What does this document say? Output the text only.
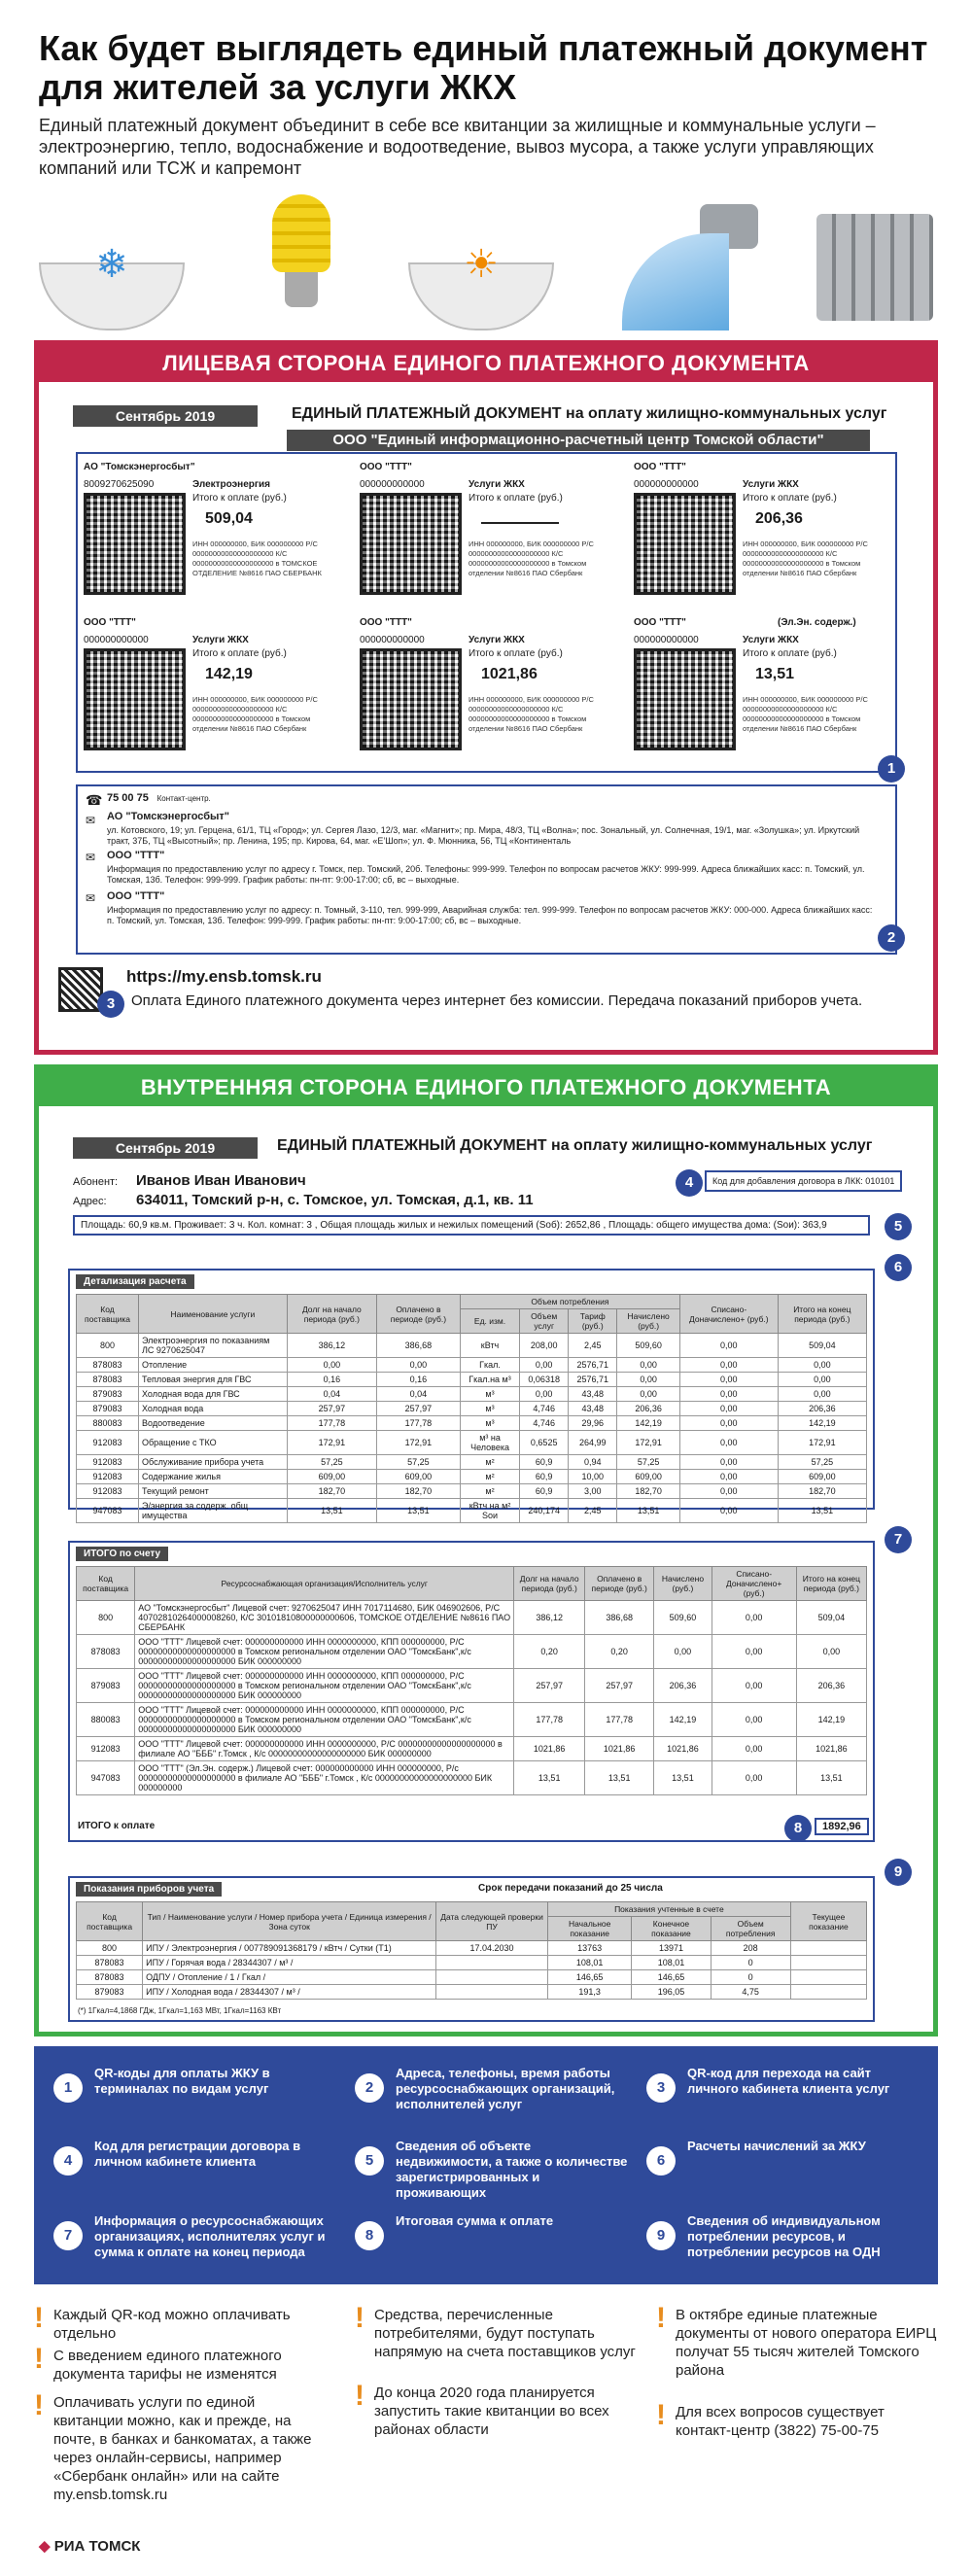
Как будет выглядеть единый платежный документ для жителей за услуги ЖКХ
Единый платежный документ объединит в себе все квитанции за жилищные и коммунальные услуги – электроэнергию, тепло, водоснабжение и водоотведение, вывоз мусора, а также услуги управляющих компаний или ТСЖ и капремонт
❄	☀
ЛИЦЕВАЯ СТОРОНА ЕДИНОГО ПЛАТЕЖНОГО ДОКУМЕНТА
Сентябрь 2019	ЕДИНЫЙ ПЛАТЕЖНЫЙ ДОКУМЕНТ на оплату жилищно-коммунальных услуг
ООО "Единый информационно-расчетный центр Томской области"
АО "Томскэнергосбыт"
8009270625090	Электроэнергия
Итого к оплате (руб.)
509,04
ИНН 000000000, БИК 000000000 Р/С 00000000000000000000 К/С 00000000000000000000 в ТОМСКОЕ ОТДЕЛЕНИЕ №8616 ПАО СБЕРБАНК
ООО "ТТТ"
000000000000	Услуги ЖКХ
Итого к оплате (руб.)
ИНН 000000000, БИК 000000000 Р/С 00000000000000000000 К/С 00000000000000000000 в Томском отделении №8616 ПАО Сбербанк
ООО "ТТТ"
000000000000	Услуги ЖКХ
Итого к оплате (руб.)
206,36
ИНН 000000000, БИК 000000000 Р/С 00000000000000000000 К/С 00000000000000000000 в Томском отделении №8616 ПАО Сбербанк
ООО "ТТТ"
000000000000	Услуги ЖКХ
Итого к оплате (руб.)
142,19
ИНН 000000000, БИК 000000000 Р/С 00000000000000000000 К/С 00000000000000000000 в Томском отделении №8616 ПАО Сбербанк
ООО "ТТТ"
000000000000	Услуги ЖКХ
Итого к оплате (руб.)
1021,86
ИНН 000000000, БИК 000000000 Р/С 00000000000000000000 К/С 00000000000000000000 в Томском отделении №8616 ПАО Сбербанк
ООО "ТТТ"	(Эл.Эн. содерж.)
000000000000	Услуги ЖКХ
Итого к оплате (руб.)
13,51
ИНН 000000000, БИК 000000000 Р/С 00000000000000000000 К/С 00000000000000000000 в Томском отделении №8616 ПАО Сбербанк
1
☎ 75 00 75 Контакт-центр.
✉ АО "Томскэнергосбыт"
ул. Котовского, 19; ул. Герцена, 61/1, ТЦ «Город»; ул. Сергея Лазо, 12/3, маг. «Магнит»; пр. Мира, 48/3, ТЦ «Волна»; пос. Зональный, ул. Солнечная, 19/1, маг. «Золушка»; ул. Иркутский тракт, 37Б, ТЦ «Высотный»; пр. Ленина, 195; пр. Кирова, 64, маг. «Е’Шоп»; ул. Ф. Мюнника, 56, ТЦ «Континенталь
✉ ООО "ТТТ"
Информация по предоставлению услуг по адресу г. Томск, пер. Томский, 20б. Телефоны: 999-999. Телефон по вопросам расчетов ЖКУ: 999-999. Адреса ближайших касс: п. Томский, ул. Томская, 13б. Телефон: 999-999. График работы: пн-пт: 9:00-17:00; сб, вс – выходные.
✉ ООО "ТТТ"
Информация по предоставлению услуг по адресу: п. Томный, 3-110, тел. 999-999, Аварийная служба: тел. 999-999. Телефон по вопросам расчетов ЖКУ: 000-000. Адреса ближайших касс: п. Томский, ул. Томская, 13б. Телефон: 999-999. График работы: пн-пт: 9:00-17:00; сб, вс – выходные.
2
3
https://my.ensb.tomsk.ru
Оплата Единого платежного документа через интернет без комиссии. Передача показаний приборов учета.
ВНУТРЕННЯЯ СТОРОНА ЕДИНОГО ПЛАТЕЖНОГО ДОКУМЕНТА
Сентябрь 2019	ЕДИНЫЙ ПЛАТЕЖНЫЙ ДОКУМЕНТ на оплату жилищно-коммунальных услуг
Абонент: Иванов Иван Иванович
Адрес: 634011, Томский р-н, с. Томское, ул. Томская, д.1, кв. 11
4	Код для добавления договора в ЛКК: 010101
Площадь: 60,9 кв.м. Проживает: 3 ч. Кол. комнат: 3 , Общая площадь жилых и нежилых помещений (Sоб): 2652,86 , Площадь: общего имущества дома: (Sои): 363,9	5
6
Детализация расчета
Код поставщика	Наименование услуги	Долг на начало периода (руб.)	Оплачено в периоде (руб.)	Объем потребления				Списано-Доначислено+ (руб.)	Итого на конец периода (руб.)
				Ед. изм.	Объем услуг	Тариф (руб.)	Начислено (руб.)		
800	Электроэнергия по показаниям ЛС 9270625047	386,12	386,68	кВтч	208,00	2,45	509,60	0,00	509,04
878083	Отопление	0,00	0,00	Гкал.	0,00	2576,71	0,00	0,00	0,00
878083	Тепловая энергия для ГВС	0,16	0,16	Гкал.на м³	0,06318	2576,71	0,00	0,00	0,00
879083	Холодная вода для ГВС	0,04	0,04	м³	0,00	43,48	0,00	0,00	0,00
879083	Холодная вода	257,97	257,97	м³	4,746	43,48	206,36	0,00	206,36
880083	Водоотведение	177,78	177,78	м³	4,746	29,96	142,19	0,00	142,19
912083	Обращение с ТКО	172,91	172,91	м³ на Человека	0,6525	264,99	172,91	0,00	172,91
912083	Обслуживание прибора учета	57,25	57,25	м²	60,9	0,94	57,25	0,00	57,25
912083	Содержание жилья	609,00	609,00	м²	60,9	10,00	609,00	0,00	609,00
912083	Текущий ремонт	182,70	182,70	м²	60,9	3,00	182,70	0,00	182,70
947083	Э/энергия за содерж. общ имущества	13,51	13,51	кВтч на м² Sои	240,174	2,45	13,51	0,00	13,51
7
ИТОГО по счету
Код поставщика	Ресурсоснабжающая организация/Исполнитель услуг	Долг на начало периода (руб.)	Оплачено в периоде (руб.)	Начислено (руб.)	Списано-Доначислено+ (руб.)	Итого на конец периода (руб.)
800	АО "Томскэнергосбыт" Лицевой счет: 9270625047 ИНН 7017114680, БИК 046902606, Р/С 40702810264000008260, К/С 30101810800000000606, ТОМСКОЕ ОТДЕЛЕНИЕ №8616 ПАО СБЕРБАНК	386,12	386,68	509,60	0,00	509,04
878083	ООО "ТТТ" Лицевой счет: 000000000000 ИНН 0000000000, КПП 000000000, Р/С 00000000000000000000 в Томском региональном отделении ОАО "ТомскБанк",к/с 00000000000000000000 БИК 000000000	0,20	0,20	0,00	0,00	0,00
879083	ООО "ТТТ" Лицевой счет: 000000000000 ИНН 0000000000, КПП 000000000, Р/С 00000000000000000000 в Томском региональном отделении ОАО "ТомскБанк",к/с 00000000000000000000 БИК 000000000	257,97	257,97	206,36	0,00	206,36
880083	ООО "ТТТ" Лицевой счет: 000000000000 ИНН 0000000000, КПП 000000000, Р/С 00000000000000000000 в Томском региональном отделении ОАО "ТомскБанк",к/с 00000000000000000000 БИК 000000000	177,78	177,78	142,19	0,00	142,19
912083	ООО "ТТТ" Лицевой счет: 000000000000 ИНН 0000000000, Р/С 00000000000000000000 в филиале АО "БББ" г.Томск , К/с 00000000000000000000 БИК 000000000	1021,86	1021,86	1021,86	0,00	1021,86
947083	ООО "ТТТ" (Эл.Эн. содерж.) Лицевой счет: 000000000000 ИНН 000000000, Р/с 00000000000000000000 в филиале АО "БББ" г.Томск , К/с 00000000000000000000 БИК 000000000	13,51	13,51	13,51	0,00	13,51
ИТОГО к оплате	8	1892,96
9
Показания приборов учета	Срок передачи показаний до 25 числа
Код поставщика	Тип / Наименование услуги / Номер прибора учета / Единица измерения / Зона суток	Дата следующей проверки ПУ	Показания учтенные в счете			Текущее показание
			Начальное показание	Конечное показание	Объем потребления	
800	ИПУ / Электроэнергия / 007789091368179 / кВтч / Сутки (Т1)	17.04.2030	13763	13971	208	
878083	ИПУ / Горячая вода / 28344307 / м³ /		108,01	108,01	0	
878083	ОДПУ / Отопление / 1 / Гкал /		146,65	146,65	0	
879083	ИПУ / Холодная вода / 28344307 / м³ /		191,3	196,05	4,75	
(*) 1Гкал=4,1868 ГДж, 1Гкал=1,163 МВт, 1Гкал=1163 КВт
1
QR-коды для оплаты ЖКУ в терминалах по видам услуг	2
Адреса, телефоны, время работы ресурсоснабжающих организаций, исполнителей услуг
3
QR-код для перехода на сайт личного кабинета клиента услуг
4
Код для регистрации договора в личном кабинете клиента	5
Сведения об объекте недвижимости, а также о количестве зарегистрированных и проживающих
6
Расчеты начислений за ЖКУ
7
Информация о ресурсоснабжающих организациях, исполнителях услуг и сумма к оплате на конец периода
8
Итоговая сумма к оплате
9
Сведения об индивидуальном потреблении ресурсов, и потреблении ресурсов на ОДН
! Каждый QR-код можно оплачивать отдельно
! С введением единого платежного документа тарифы не изменятся
! Оплачивать услуги по единой квитанции можно, как и прежде, на почте, в банках и банкоматах, а также через онлайн-сервисы, например «Сбербанк онлайн» или на сайте my.ensb.tomsk.ru
! Средства, перечисленные потребителями, будут поступать напрямую на счета поставщиков услуг
! До конца 2020 года планируется запустить такие квитанции во всех районах области
! В октябре единые платежные документы от нового оператора ЕИРЦ получат 55 тысяч жителей Томского района
! Для всех вопросов существует контакт-центр (3822) 75-00-75
◆ РИА ТОМСК
